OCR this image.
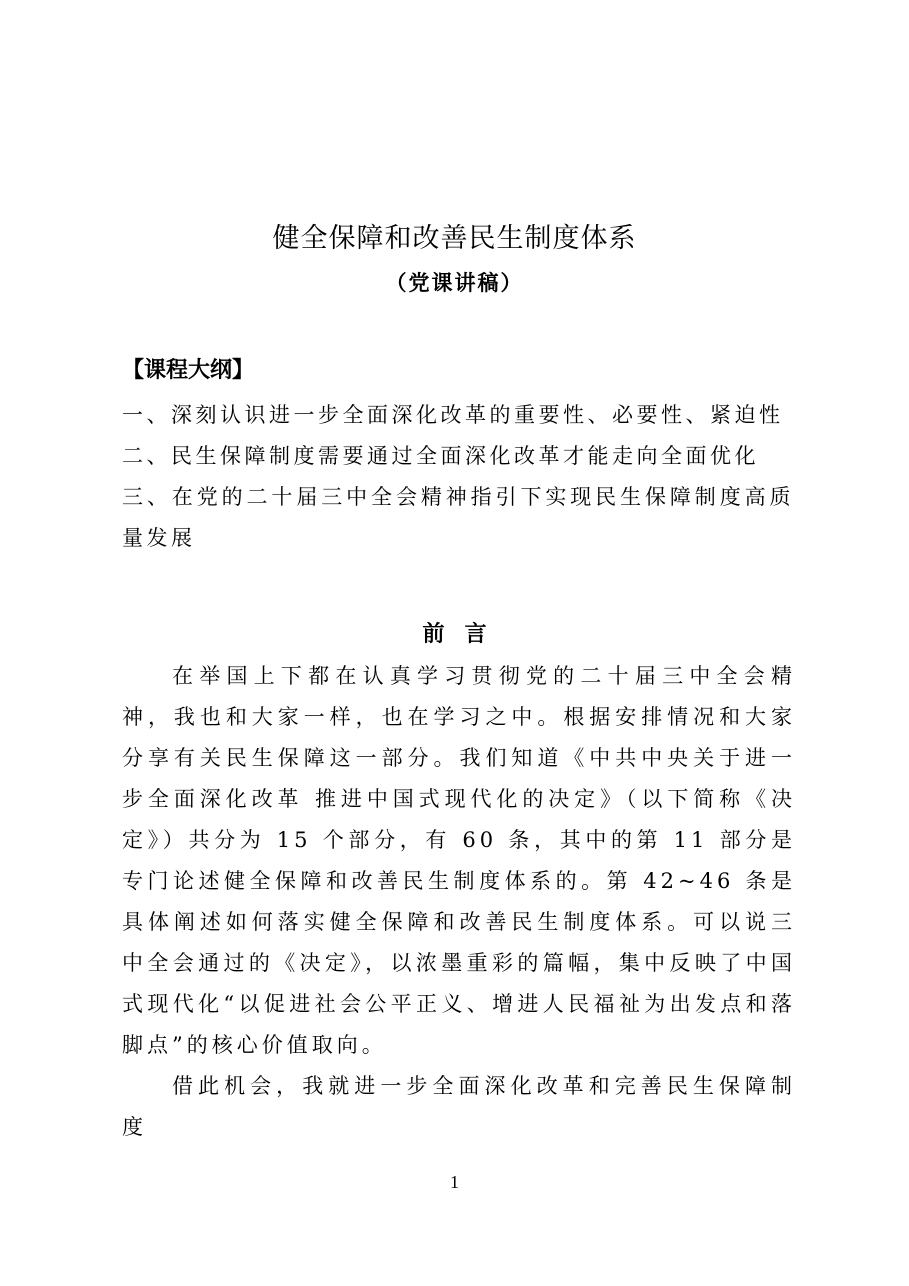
健全保障和改善民生制度体系
（党课讲稿）
【课程大纲】
一、深刻认识进一步全面深化改革的重要性、必要性、紧迫性
二、民生保障制度需要通过全面深化改革才能走向全面优化
三、在党的二十届三中全会精神指引下实现民生保障制度高质量发展
前言

在举国上下都在认真学习贯彻党的二十届三中全会精神，我也和大家一样，也在学习之中。根据安排情况和大家分享有关民生保障这一部分。我们知道《中共中央关于进一步全面深化改革 推进中国式现代化的决定》（以下简称《决定》）共分为 15 个部分，有 60 条，其中的第 11 部分是专门论述健全保障和改善民生制度体系的。第 42~46 条是具体阐述如何落实健全保障和改善民生制度体系。可以说三中全会通过的《决定》，以浓墨重彩的篇幅，集中反映了中国式现代化“以促进社会公平正义、增进人民福祉为出发点和落脚点”的核心价值取向。

借此机会，我就进一步全面深化改革和完善民生保障制度

1
